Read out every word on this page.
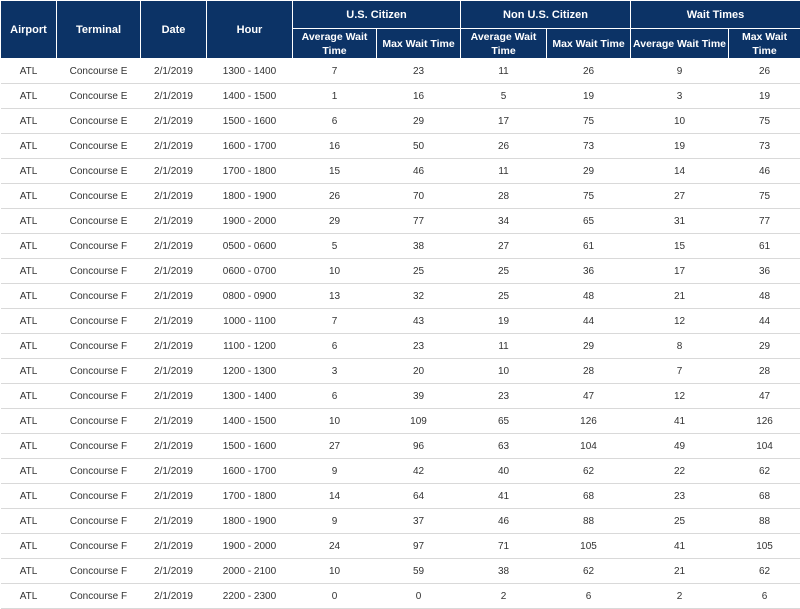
Airport	Terminal	Date	Hour	U.S. Citizen		Non U.S. Citizen		Wait Times	
				Average Wait Time	Max Wait Time	Average Wait Time	Max Wait Time	Average Wait Time	Max Wait Time
ATL	Concourse E	2/1/2019	1300 - 1400	7	23	11	26	9	26
ATL	Concourse E	2/1/2019	1400 - 1500	1	16	5	19	3	19
ATL	Concourse E	2/1/2019	1500 - 1600	6	29	17	75	10	75
ATL	Concourse E	2/1/2019	1600 - 1700	16	50	26	73	19	73
ATL	Concourse E	2/1/2019	1700 - 1800	15	46	11	29	14	46
ATL	Concourse E	2/1/2019	1800 - 1900	26	70	28	75	27	75
ATL	Concourse E	2/1/2019	1900 - 2000	29	77	34	65	31	77
ATL	Concourse F	2/1/2019	0500 - 0600	5	38	27	61	15	61
ATL	Concourse F	2/1/2019	0600 - 0700	10	25	25	36	17	36
ATL	Concourse F	2/1/2019	0800 - 0900	13	32	25	48	21	48
ATL	Concourse F	2/1/2019	1000 - 1100	7	43	19	44	12	44
ATL	Concourse F	2/1/2019	1100 - 1200	6	23	11	29	8	29
ATL	Concourse F	2/1/2019	1200 - 1300	3	20	10	28	7	28
ATL	Concourse F	2/1/2019	1300 - 1400	6	39	23	47	12	47
ATL	Concourse F	2/1/2019	1400 - 1500	10	109	65	126	41	126
ATL	Concourse F	2/1/2019	1500 - 1600	27	96	63	104	49	104
ATL	Concourse F	2/1/2019	1600 - 1700	9	42	40	62	22	62
ATL	Concourse F	2/1/2019	1700 - 1800	14	64	41	68	23	68
ATL	Concourse F	2/1/2019	1800 - 1900	9	37	46	88	25	88
ATL	Concourse F	2/1/2019	1900 - 2000	24	97	71	105	41	105
ATL	Concourse F	2/1/2019	2000 - 2100	10	59	38	62	21	62
ATL	Concourse F	2/1/2019	2200 - 2300	0	0	2	6	2	6
